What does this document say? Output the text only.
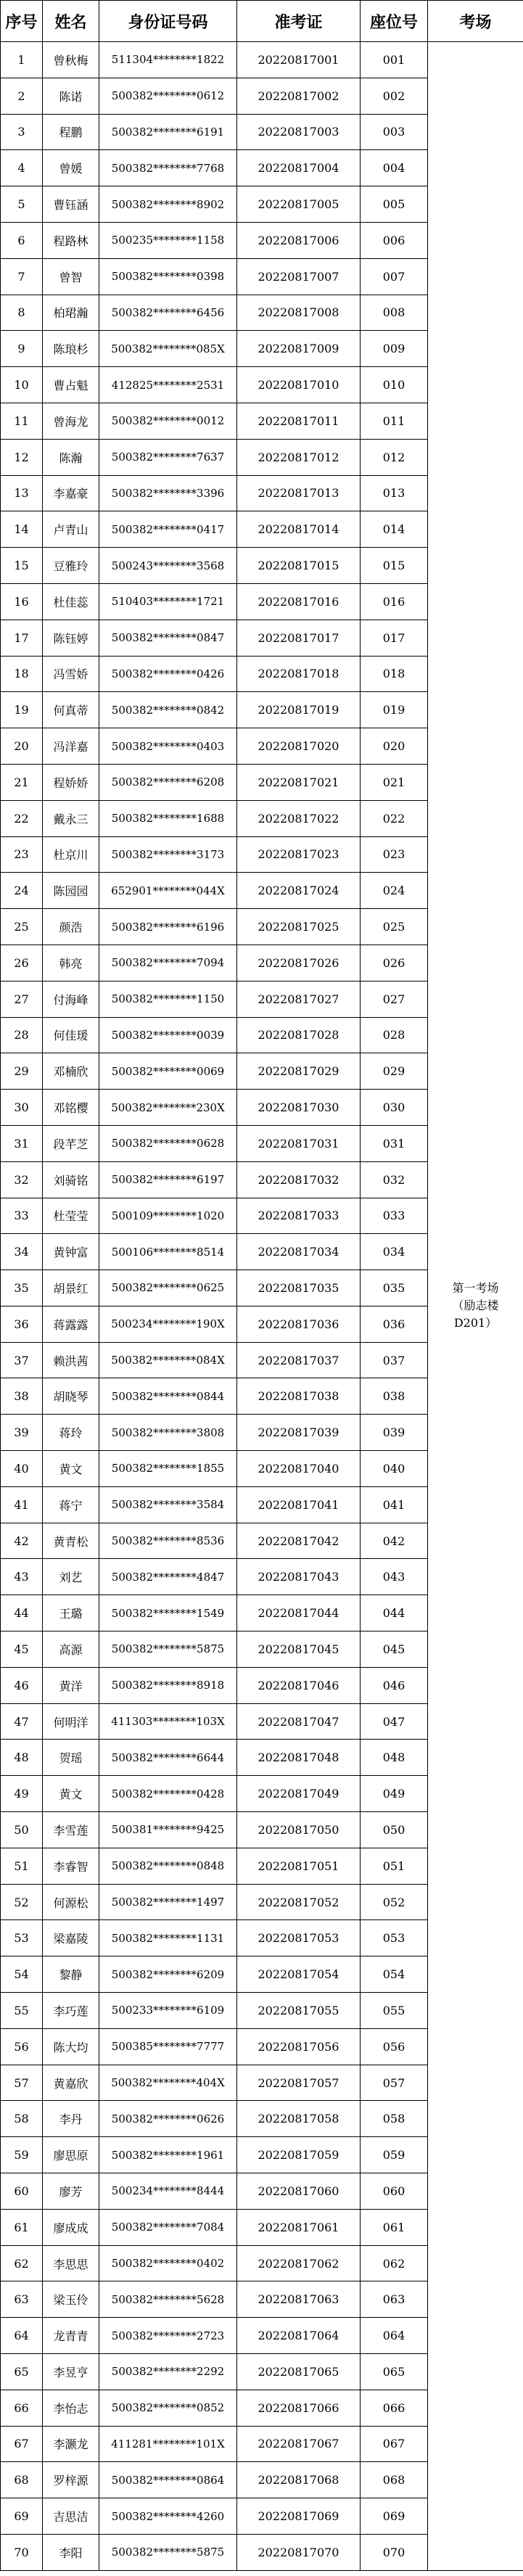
序号	姓名	身份证号码	准考证	座位号	考场
1	曾秋梅	511304********1822	20220817001	001	第一考场（励志楼D201）
2	陈诺	500382********0612	20220817002	002	
3	程鹏	500382********6191	20220817003	003	
4	曾媛	500382********7768	20220817004	004	
5	曹钰涵	500382********8902	20220817005	005	
6	程路林	500235********1158	20220817006	006	
7	曾智	500382********0398	20220817007	007	
8	柏珺瀚	500382********6456	20220817008	008	
9	陈琅杉	500382********085X	20220817009	009	
10	曹占魁	412825********2531	20220817010	010	
11	曾海龙	500382********0012	20220817011	011	
12	陈瀚	500382********7637	20220817012	012	
13	李嘉豪	500382********3396	20220817013	013	
14	卢青山	500382********0417	20220817014	014	
15	豆雅玲	500243********3568	20220817015	015	
16	杜佳蕊	510403********1721	20220817016	016	
17	陈钰婷	500382********0847	20220817017	017	
18	冯雪娇	500382********0426	20220817018	018	
19	何真蒂	500382********0842	20220817019	019	
20	冯洋嘉	500382********0403	20220817020	020	
21	程娇娇	500382********6208	20220817021	021	
22	戴永三	500382********1688	20220817022	022	
23	杜京川	500382********3173	20220817023	023	
24	陈园园	652901********044X	20220817024	024	
25	颜浩	500382********6196	20220817025	025	
26	韩亮	500382********7094	20220817026	026	
27	付海峰	500382********1150	20220817027	027	
28	何佳瑗	500382********0039	20220817028	028	
29	邓楠欣	500382********0069	20220817029	029	
30	邓铭樱	500382********230X	20220817030	030	
31	段芊芝	500382********0628	20220817031	031	
32	刘骑铭	500382********6197	20220817032	032	
33	杜莹莹	500109********1020	20220817033	033	
34	黄钟富	500106********8514	20220817034	034	
35	胡景红	500382********0625	20220817035	035	
36	蒋露露	500234********190X	20220817036	036	
37	赖洪茜	500382********084X	20220817037	037	
38	胡晓琴	500382********0844	20220817038	038	
39	蒋玲	500382********3808	20220817039	039	
40	黄文	500382********1855	20220817040	040	
41	蒋宁	500382********3584	20220817041	041	
42	黄青松	500382********8536	20220817042	042	
43	刘艺	500382********4847	20220817043	043	
44	王璐	500382********1549	20220817044	044	
45	高源	500382********5875	20220817045	045	
46	黄洋	500382********8918	20220817046	046	
47	何明洋	411303********103X	20220817047	047	
48	贺瑶	500382********6644	20220817048	048	
49	黄文	500382********0428	20220817049	049	
50	李雪莲	500381********9425	20220817050	050	
51	李睿智	500382********0848	20220817051	051	
52	何源松	500382********1497	20220817052	052	
53	梁嘉陵	500382********1131	20220817053	053	
54	黎静	500382********6209	20220817054	054	
55	李巧莲	500233********6109	20220817055	055	
56	陈大均	500385********7777	20220817056	056	
57	黄嘉欣	500382********404X	20220817057	057	
58	李丹	500382********0626	20220817058	058	
59	廖思原	500382********1961	20220817059	059	
60	廖芳	500234********8444	20220817060	060	
61	廖成成	500382********7084	20220817061	061	
62	李思思	500382********0402	20220817062	062	
63	梁玉伶	500382********5628	20220817063	063	
64	龙青青	500382********2723	20220817064	064	
65	李昱亨	500382********2292	20220817065	065	
66	李怡志	500382********0852	20220817066	066	
67	李灏龙	411281********101X	20220817067	067	
68	罗梓源	500382********0864	20220817068	068	
69	吉思洁	500382********4260	20220817069	069	
70	李阳	500382********5875	20220817070	070	
